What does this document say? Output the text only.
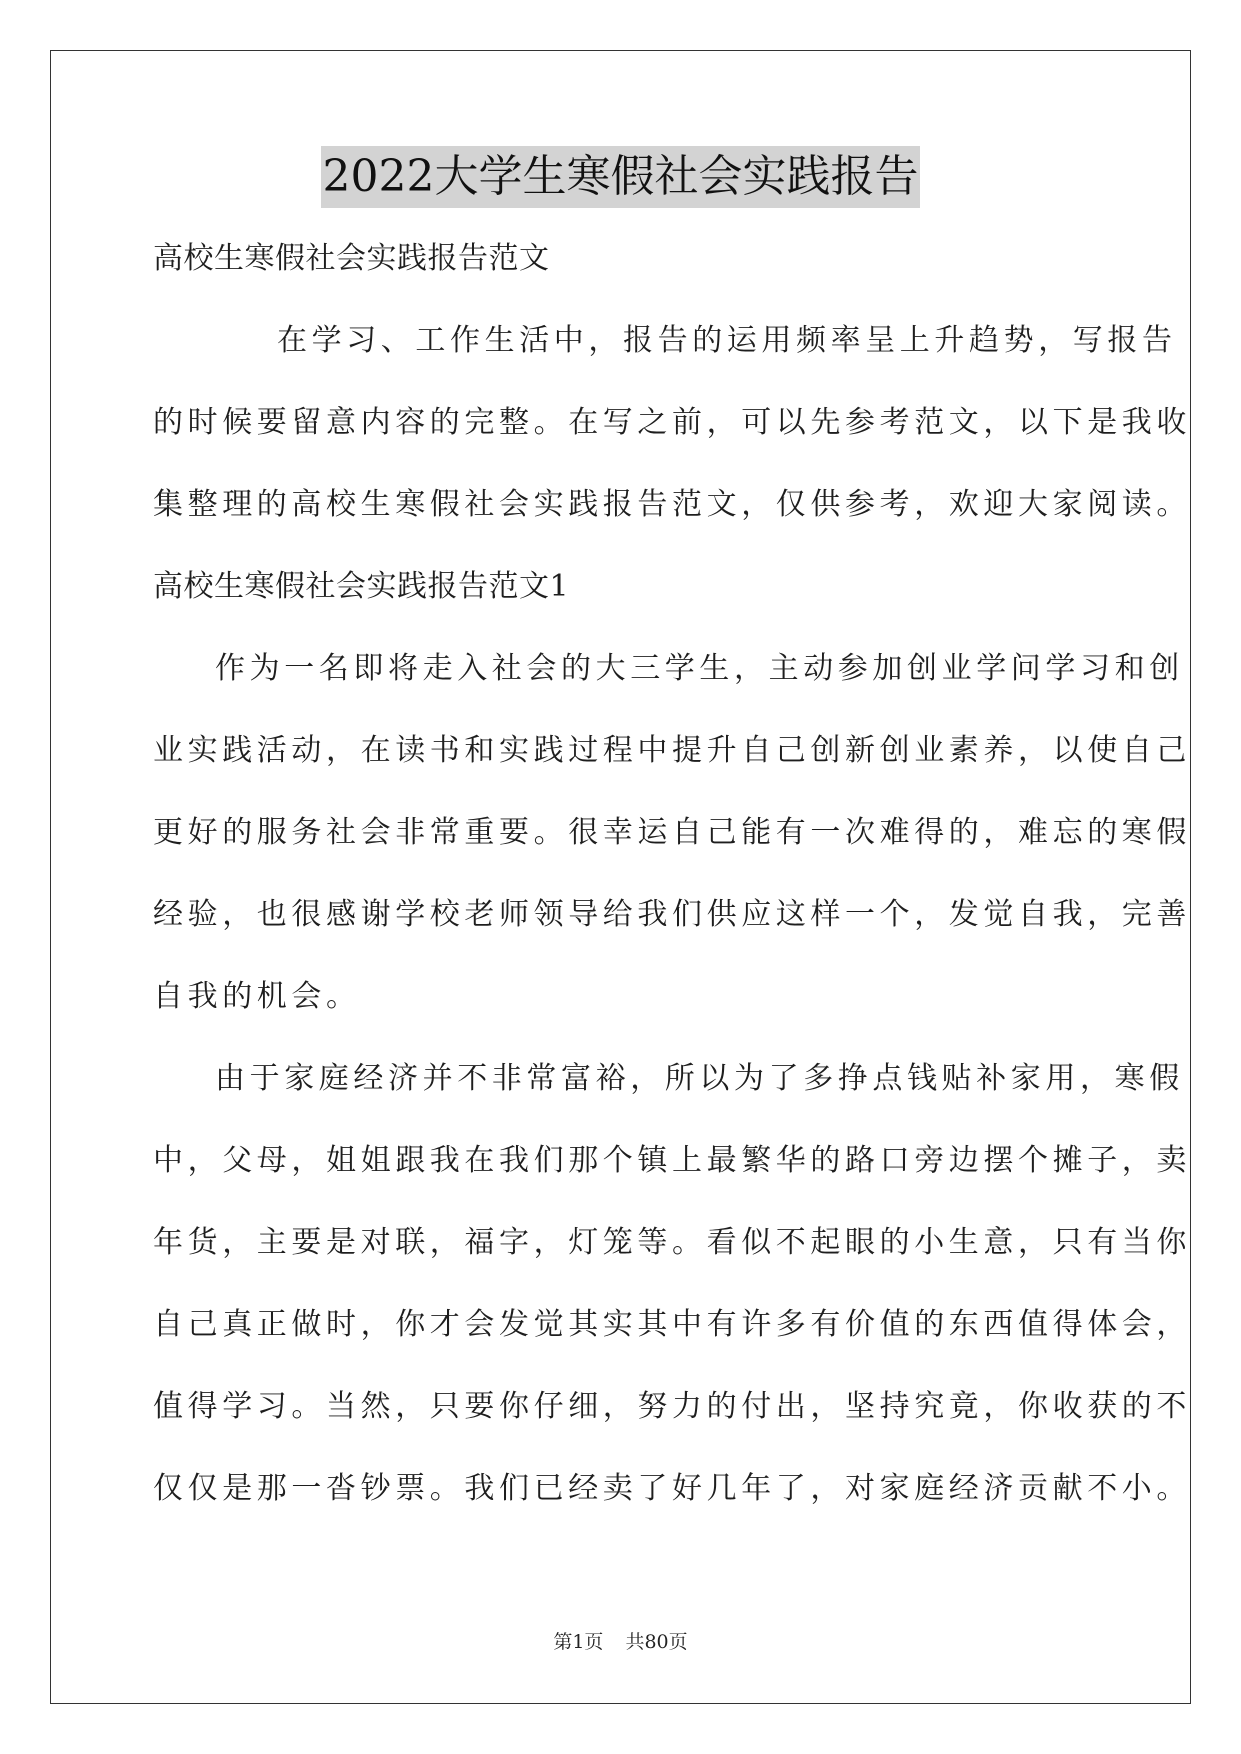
2022大学生寒假社会实践报告
高校生寒假社会实践报告范文
在学习、工作生活中，报告的运用频率呈上升趋势，写报告
的时候要留意内容的完整。在写之前，可以先参考范文，以下是我收
集整理的高校生寒假社会实践报告范文，仅供参考，欢迎大家阅读。
高校生寒假社会实践报告范文1
作为一名即将走入社会的大三学生，主动参加创业学问学习和创
业实践活动，在读书和实践过程中提升自己创新创业素养，以使自己
更好的服务社会非常重要。很幸运自己能有一次难得的，难忘的寒假
经验，也很感谢学校老师领导给我们供应这样一个，发觉自我，完善
自我的机会。
由于家庭经济并不非常富裕，所以为了多挣点钱贴补家用，寒假
中，父母，姐姐跟我在我们那个镇上最繁华的路口旁边摆个摊子，卖
年货，主要是对联，福字，灯笼等。看似不起眼的小生意，只有当你
自己真正做时，你才会发觉其实其中有许多有价值的东西值得体会，
值得学习。当然，只要你仔细，努力的付出，坚持究竟，你收获的不
仅仅是那一沓钞票。我们已经卖了好几年了，对家庭经济贡献不小。
第1页 共80页
